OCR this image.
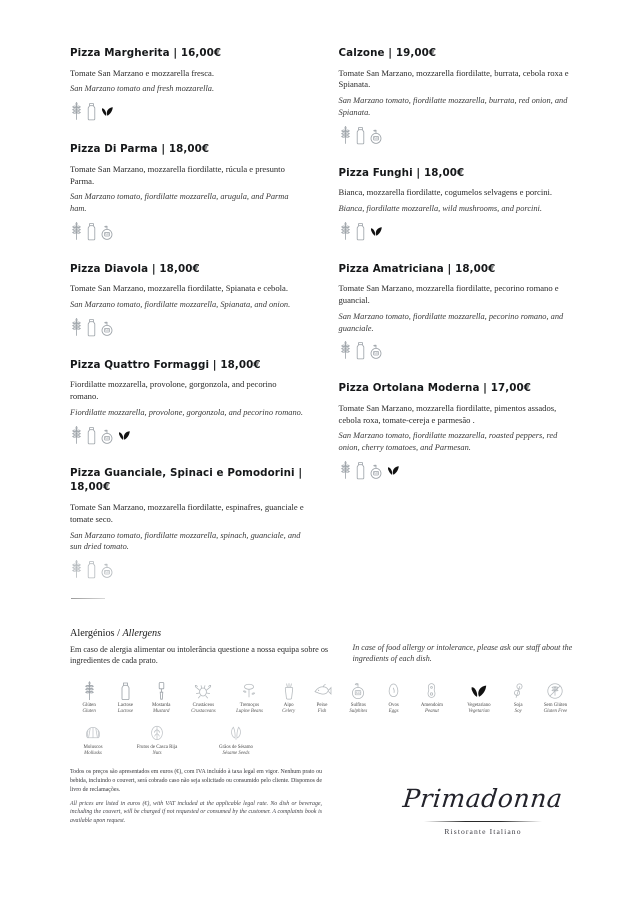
Pizza Margherita | 16,00€

Tomate San Marzano e mozzarella fresca.

San Marzano tomato and fresh mozzarella.

Pizza Di Parma | 18,00€

Tomate San Marzano, mozzarella fiordilatte, rúcula e presunto Parma.

San Marzano tomato, fiordilatte mozzarella, arugula, and Parma ham.

SO

Pizza Diavola | 18,00€

Tomate San Marzano, mozzarella fiordilatte, Spianata e cebola.

San Marzano tomato, fiordilatte mozzarella, Spianata, and onion.

SO

Pizza Quattro Formaggi | 18,00€

Fiordilatte mozzarella, provolone, gorgonzola, and pecorino romano.

Fiordilatte mozzarella, provolone, gorgonzola, and pecorino romano.

SO

Pizza Guanciale, Spinaci e Pomodorini | 18,00€

Tomate San Marzano, mozzarella fiordilatte, espinafres, guanciale e tomate seco.

San Marzano tomato, fiordilatte mozzarella, spinach, guanciale, and sun dried tomato.

SO

Calzone | 19,00€

Tomate San Marzano, mozzarella fiordilatte, burrata, cebola roxa e Spianata.

San Marzano tomato, fiordilatte mozzarella, burrata, red onion, and Spianata.

SO

Pizza Funghi | 18,00€

Bianca, mozzarella fiordilatte, cogumelos selvagens e porcini.

Bianca, fiordilatte mozzarella, wild mushrooms, and porcini.

Pizza Amatriciana | 18,00€

Tomate San Marzano, mozzarella fiordilatte, pecorino romano e guancial.

San Marzano tomato, fiordilatte mozzarella, pecorino romano, and guanciale.

SO

Pizza Ortolana Moderna | 17,00€

Tomate San Marzano, mozzarella fiordilatte, pimentos assados, cebola roxa, tomate-cereja e parmesão .

San Marzano tomato, fiordilatte mozzarella, roasted peppers, red onion, cherry tomatoes, and Parmesan.

SO

Alergénios / Allergens

Em caso de alergia alimentar ou intolerância questione a nossa equipa sobre os ingredientes de cada prato.

In case of food allergy or intolerance, please ask our staff about the ingredients of each dish.

Glúten
Gluten
Lactose
Lactose
Mostarda
Mustard
Crustáceos
Crustaceans
Tremoços
Lupine Beans
Aipo
Celery
Peixe
Fish
SO
Sulfitos
Sulphites
Ovos
Eggs
Amendoim
Peanut
Vegetariano
Vegetarian
Soja
Soy
Sem Glúten
Gluten Free
Moluscos
Mollusks
Frutos de Casca Rija
Nuts
Grãos de Sésamo
Sésame Seeds

Todos os preços são apresentados em euros (€), com IVA incluído à taxa legal em vigor. Nenhum prato ou bebida, incluindo o couvert, será cobrado caso não seja solicitado ou consumido pelo cliente. Dispomos de livro de reclamações.

All prices are listed in euros (€), with VAT included at the applicable legal rate. No dish or beverage, including the couvert, will be charged if not requested or consumed by the customer. A complaints book is available upon request.

Primadonna
Ristorante Italiano
